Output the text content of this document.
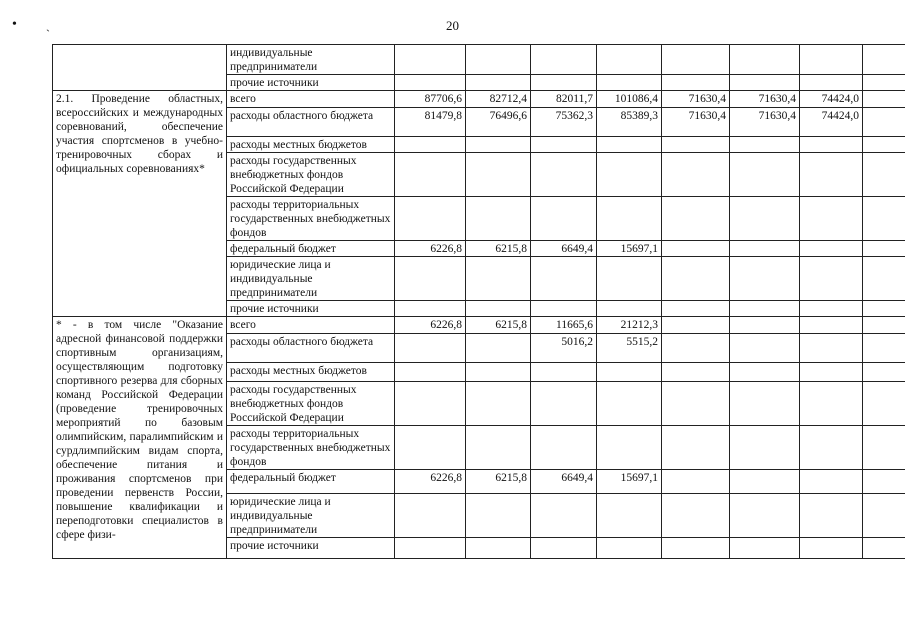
20
• ˏ
	индивидуальные предприниматели								
	прочие источники								
2.1. Проведение областных, всероссийских и международных соревнований, обеспечение участия спортсменов в учебно-тренировочных сборах и официальных соревнованиях*	всего	87706,6	82712,4	82011,7	101086,4	71630,4	71630,4	74424,0	
	расходы областного бюджета	81479,8	76496,6	75362,3	85389,3	71630,4	71630,4	74424,0	
	расходы местных бюджетов								
	расходы государственных внебюджетных фондов Российской Федерации								
	расходы территориальных государственных внебюджетных фондов								
	федеральный бюджет	6226,8	6215,8	6649,4	15697,1				
	юридические лица и индивидуальные предприниматели								
	прочие источники								
* - в том числе "Оказание адресной финансовой поддержки спортивным организациям, осуществляющим подготовку спортивного резерва для сборных команд Российской Федерации (проведение тренировочных мероприятий по базовым олимпийским, паралимпийским и сурдлимпийским видам спорта, обеспечение питания и проживания спортсменов при проведении первенств России, повышение квалификации и переподготовки специалистов в сфере физи-	всего	6226,8	6215,8	11665,6	21212,3				
	расходы областного бюджета			5016,2	5515,2				
	расходы местных бюджетов								
	расходы государственных внебюджетных фондов Российской Федерации								
	расходы территориальных государственных внебюджетных фондов								
	федеральный бюджет	6226,8	6215,8	6649,4	15697,1				
	юридические лица и индивидуальные предприниматели								
	прочие источники								
